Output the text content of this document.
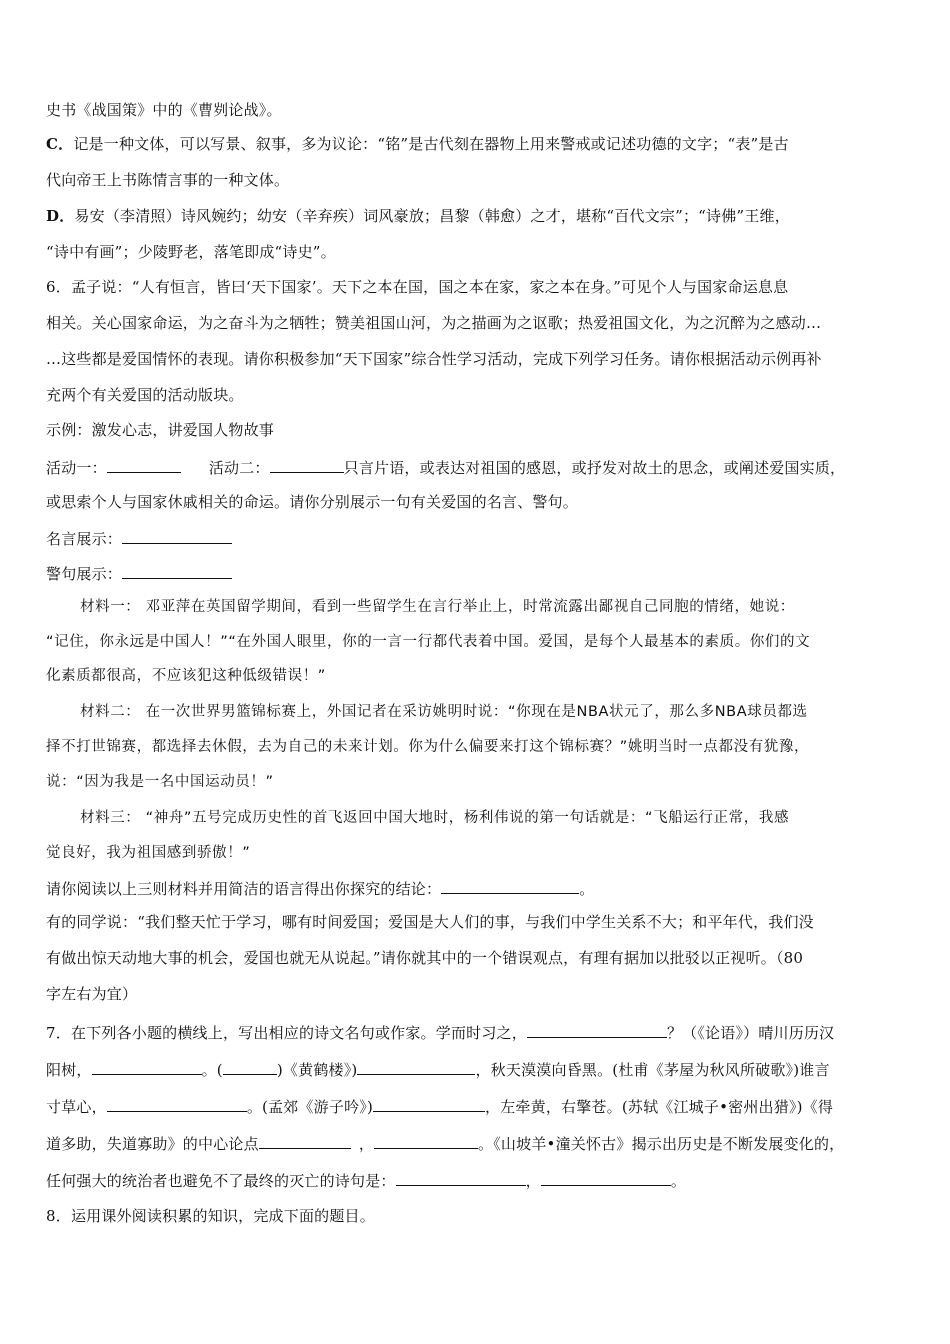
史书《战国策》中的《曹刿论战》。
C．记是一种文体，可以写景、叙事，多为议论：“铭”是古代刻在器物上用来警戒或记述功德的文字；“表”是古
代向帝王上书陈情言事的一种文体。
D．易安（李清照）诗风婉约；幼安（辛弃疾）词风豪放；昌黎（韩愈）之才，堪称“百代文宗”；“诗佛”王维，
“诗中有画”；少陵野老，落笔即成“诗史”。
6．孟子说：“人有恒言，皆曰‘天下国家’。天下之本在国，国之本在家，家之本在身。”可见个人与国家命运息息
相关。关心国家命运，为之奋斗为之牺牲；赞美祖国山河，为之描画为之讴歌；热爱祖国文化，为之沉醉为之感动…
…这些都是爱国情怀的表现。请你积极参加“天下国家”综合性学习活动，完成下列学习任务。请你根据活动示例再补
充两个有关爱国的活动版块。
示例：激发心志，讲爱国人物故事
活动一：	活动二：	只言片语，或表达对祖国的感恩，或抒发对故土的思念，或阐述爱国实质，
或思索个人与国家休戚相关的命运。请你分别展示一句有关爱国的名言、警句。
名言展示：
警句展示：
材料一： 邓亚萍在英国留学期间，看到一些留学生在言行举止上，时常流露出鄙视自己同胞的情绪，她说：
“记住，你永远是中国人！”“在外国人眼里，你的一言一行都代表着中国。爱国，是每个人最基本的素质。你们的文
化素质都很高，不应该犯这种低级错误！”
材料二： 在一次世界男篮锦标赛上，外国记者在采访姚明时说：“你现在是NBA状元了，那么多NBA球员都选
择不打世锦赛，都选择去休假，去为自己的未来计划。你为什么偏要来打这个锦标赛？”姚明当时一点都没有犹豫，
说：“因为我是一名中国运动员！”
材料三： “神舟”五号完成历史性的首飞返回中国大地时，杨利伟说的第一句话就是：“飞船运行正常，我感
觉良好，我为祖国感到骄傲！”
请你阅读以上三则材料并用简洁的语言得出你探究的结论：	。
有的同学说：“我们整天忙于学习，哪有时间爱国；爱国是大人们的事，与我们中学生关系不大；和平年代，我们没
有做出惊天动地大事的机会，爱国也就无从说起。”请你就其中的一个错误观点，有理有据加以批驳以正视听。（80
字左右为宜）
7．在下列各小题的横线上，写出相应的诗文名句或作家。学而时习之，	？（《论语》）晴川历历汉
阳树，	。(	)《黄鹤楼》)	，秋天漠漠向昏黑。(杜甫《茅屋为秋风所破歌》)谁言
寸草心，	。(孟郊《游子吟》)	，左牵黄，右擎苍。(苏轼《江城子•密州出猎》)《得
道多助，失道寡助》的中心论点	，	。《山坡羊•潼关怀古》揭示出历史是不断发展变化的，
任何强大的统治者也避免不了最终的灭亡的诗句是：	，	。
8．运用课外阅读积累的知识，完成下面的题目。
